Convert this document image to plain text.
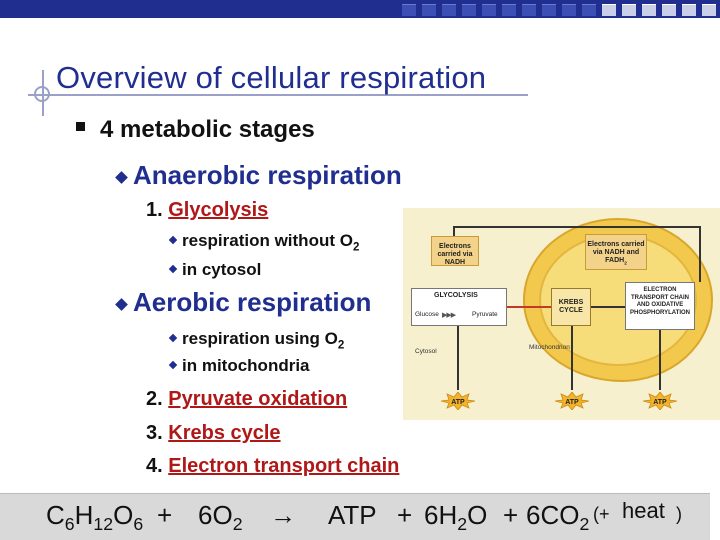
Overview of cellular respiration
4 metabolic stages
Anaerobic respiration
1. Glycolysis
respiration without $O_2$
in cytosol
Aerobic respiration
respiration using $O_2$
in mitochondria
2. Pyruvate oxidation
3. Krebs cycle
4. Electron transport chain
Electrons carried via NADH
Electrons carried via NADH and $FADH_2$
GLYCOLYSIS
Glucose ▶▶▶	Pyruvate
KREBS CYCLE
ELECTRON TRANSPORT CHAIN AND OXIDATIVE PHOSPHORYLATION
Cytosol
Mitochondrion
ATP	ATP	ATP
$C_6H_{12}O_6 + 6O_2$ → ATP + $6H_2O + 6CO_2$
(+ heat )
